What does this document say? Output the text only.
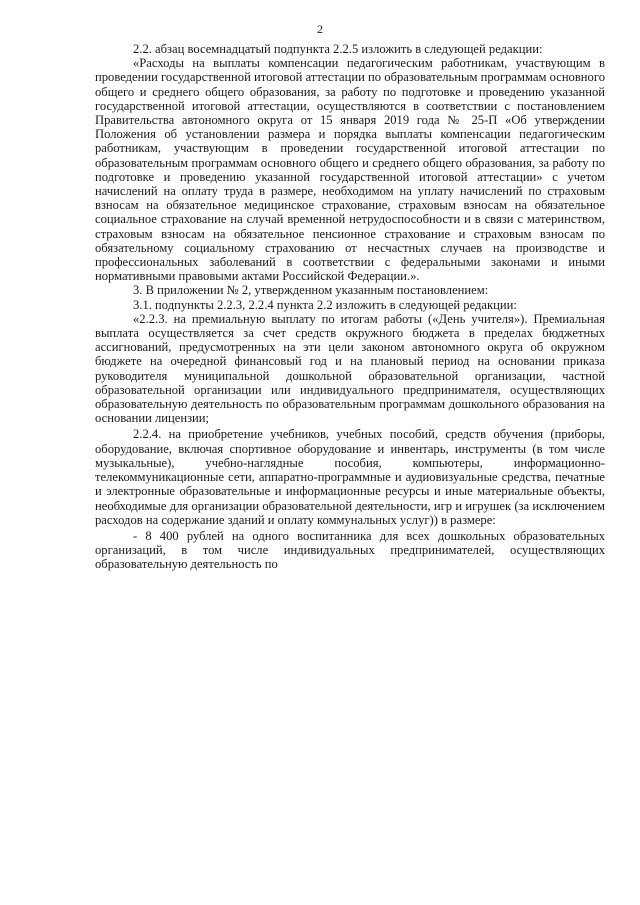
2

2.2. абзац восемнадцатый подпункта 2.2.5 изложить в следующей редакции:

«Расходы на выплаты компенсации педагогическим работникам, участвующим в проведении государственной итоговой аттестации по образовательным программам основного общего и среднего общего образования, за работу по подготовке и проведению указанной государственной итоговой аттестации, осуществляются в соответствии с постановлением Правительства автономного округа от 15 января 2019 года № 25-П «Об утверждении Положения об установлении размера и порядка выплаты компенсации педагогическим работникам, участвующим в проведении государственной итоговой аттестации по образовательным программам основного общего и среднего общего образования, за работу по подготовке и проведению указанной государственной итоговой аттестации» с учетом начислений на оплату труда в размере, необходимом на уплату начислений по страховым взносам на обязательное медицинское страхование, страховым взносам на обязательное социальное страхование на случай временной нетрудоспособности и в связи с материнством, страховым взносам на обязательное пенсионное страхование и страховым взносам по обязательному социальному страхованию от несчастных случаев на производстве и профессиональных заболеваний в соответствии с федеральными законами и иными нормативными правовыми актами Российской Федерации.».

3. В приложении № 2, утвержденном указанным постановлением:

3.1. подпункты 2.2.3, 2.2.4 пункта 2.2 изложить в следующей редакции:

«2.2.3. на премиальную выплату по итогам работы («День учителя»). Премиальная выплата осуществляется за счет средств окружного бюджета в пределах бюджетных ассигнований, предусмотренных на эти цели законом автономного округа об окружном бюджете на очередной финансовый год и на плановый период на основании приказа руководителя муниципальной дошкольной образовательной организации, частной образовательной организации или индивидуального предпринимателя, осуществляющих образовательную деятельность по образовательным программам дошкольного образования на основании лицензии;

2.2.4. на приобретение учебников, учебных пособий, средств обучения (приборы, оборудование, включая спортивное оборудование и инвентарь, инструменты (в том числе музыкальные), учебно-наглядные пособия, компьютеры, информационно-телекоммуникационные сети, аппаратно-программные и аудиовизуальные средства, печатные и электронные образовательные и информационные ресурсы и иные материальные объекты, необходимые для организации образовательной деятельности, игр и игрушек (за исключением расходов на содержание зданий и оплату коммунальных услуг)) в размере:

- 8 400 рублей на одного воспитанника для всех дошкольных образовательных организаций, в том числе индивидуальных предпринимателей, осуществляющих образовательную деятельность по
